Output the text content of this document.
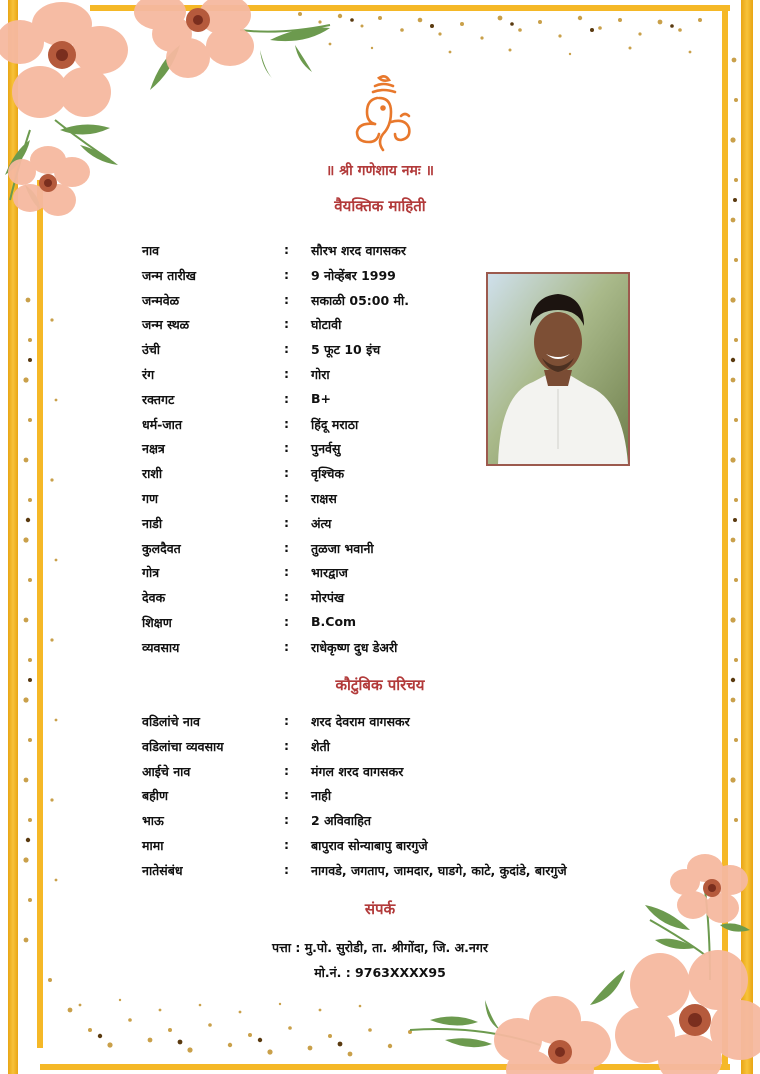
॥ श्री गणेशाय नमः ॥
वैयक्तिक माहिती
नाव	: सौरभ शरद वागसकर
जन्म तारीख	: 9 नोव्हेंबर 1999
जन्मवेळ	: सकाळी 05:00 मी.
जन्म स्थळ	: घोटावी
उंची	: 5 फूट 10 इंच
रंग	: गोरा
रक्तगट	: B+
धर्म-जात	: हिंदू मराठा
नक्षत्र	: पुनर्वसु
राशी	: वृश्चिक
गण	: राक्षस
नाडी	: अंत्य
कुलदैवत	: तुळजा भवानी
गोत्र	: भारद्वाज
देवक	: मोरपंख
शिक्षण	: B.Com
व्यवसाय	: राधेकृष्ण दुध डेअरी
कौटुंबिक परिचय
वडिलांचे नाव	: शरद देवराम वागसकर
वडिलांचा व्यवसाय	: शेती
आईचे नाव	: मंगल शरद वागसकर
बहीण	: नाही
भाऊ	: 2 अविवाहित
मामा	: बापुराव सोन्याबापु बारगुजे
नातेसंबंध	: नागवडे, जगताप, जामदार, घाडगे, काटे, कुदांडे, बारगुजे
संपर्क
पत्ता : मु.पो. सुरोडी, ता. श्रीगोंदा, जि. अ.नगर
मो.नं. : 9763XXXX95
